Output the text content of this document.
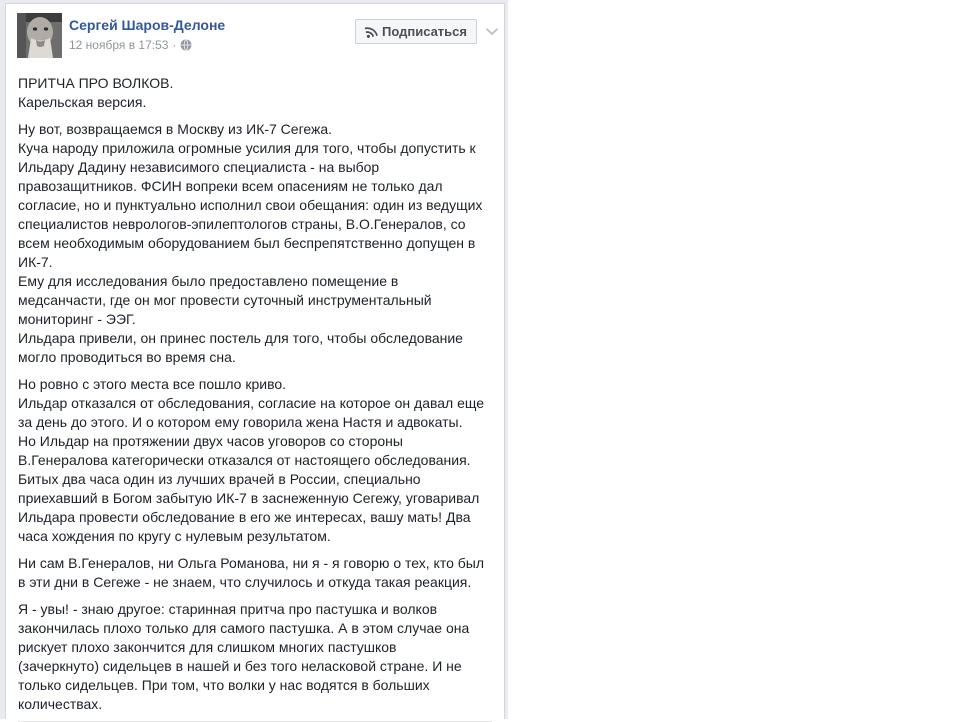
Сергей Шаров-Делоне
12 ноября в 17:53 ·
Подписаться
ПРИТЧА ПРО ВОЛКОВ.
Карельская версия.
Ну вот, возвращаемся в Москву из ИК-7 Сегежа.
Куча народу приложила огромные усилия для того, чтобы допустить к
Ильдару Дадину независимого специалиста - на выбор
правозащитников. ФСИН вопреки всем опасениям не только дал
согласие, но и пунктуально исполнил свои обещания: один из ведущих
специалистов неврологов-эпилептологов страны, В.О.Генералов, со
всем необходимым оборудованием был беспрепятственно допущен в
ИК-7.
Ему для исследования было предоставлено помещение в
медсанчасти, где он мог провести суточный инструментальный
мониторинг - ЭЭГ.
Ильдара привели, он принес постель для того, чтобы обследование
могло проводиться во время сна.
Но ровно с этого места все пошло криво.
Ильдар отказался от обследования, согласие на которое он давал еще
за день до этого. И о котором ему говорила жена Настя и адвокаты.
Но Ильдар на протяжении двух часов уговоров со стороны
В.Генералова категорически отказался от настоящего обследования.
Битых два часа один из лучших врачей в России, специально
приехавший в Богом забытую ИК-7 в заснеженную Сегежу, уговаривал
Ильдара провести обследование в его же интересах, вашу мать! Два
часа хождения по кругу с нулевым результатом.
Ни сам В.Генералов, ни Ольга Романова, ни я - я говорю о тех, кто был
в эти дни в Сегеже - не знаем, что случилось и откуда такая реакция.
Я - увы! - знаю другое: старинная притча про пастушка и волков
закончилась плохо только для самого пастушка. А в этом случае она
рискует плохо закончится для слишком многих пастушков
(зачеркнуто) сидельцев в нашей и без того неласковой стране. И не
только сидельцев. При том, что волки у нас водятся в больших
количествах.
